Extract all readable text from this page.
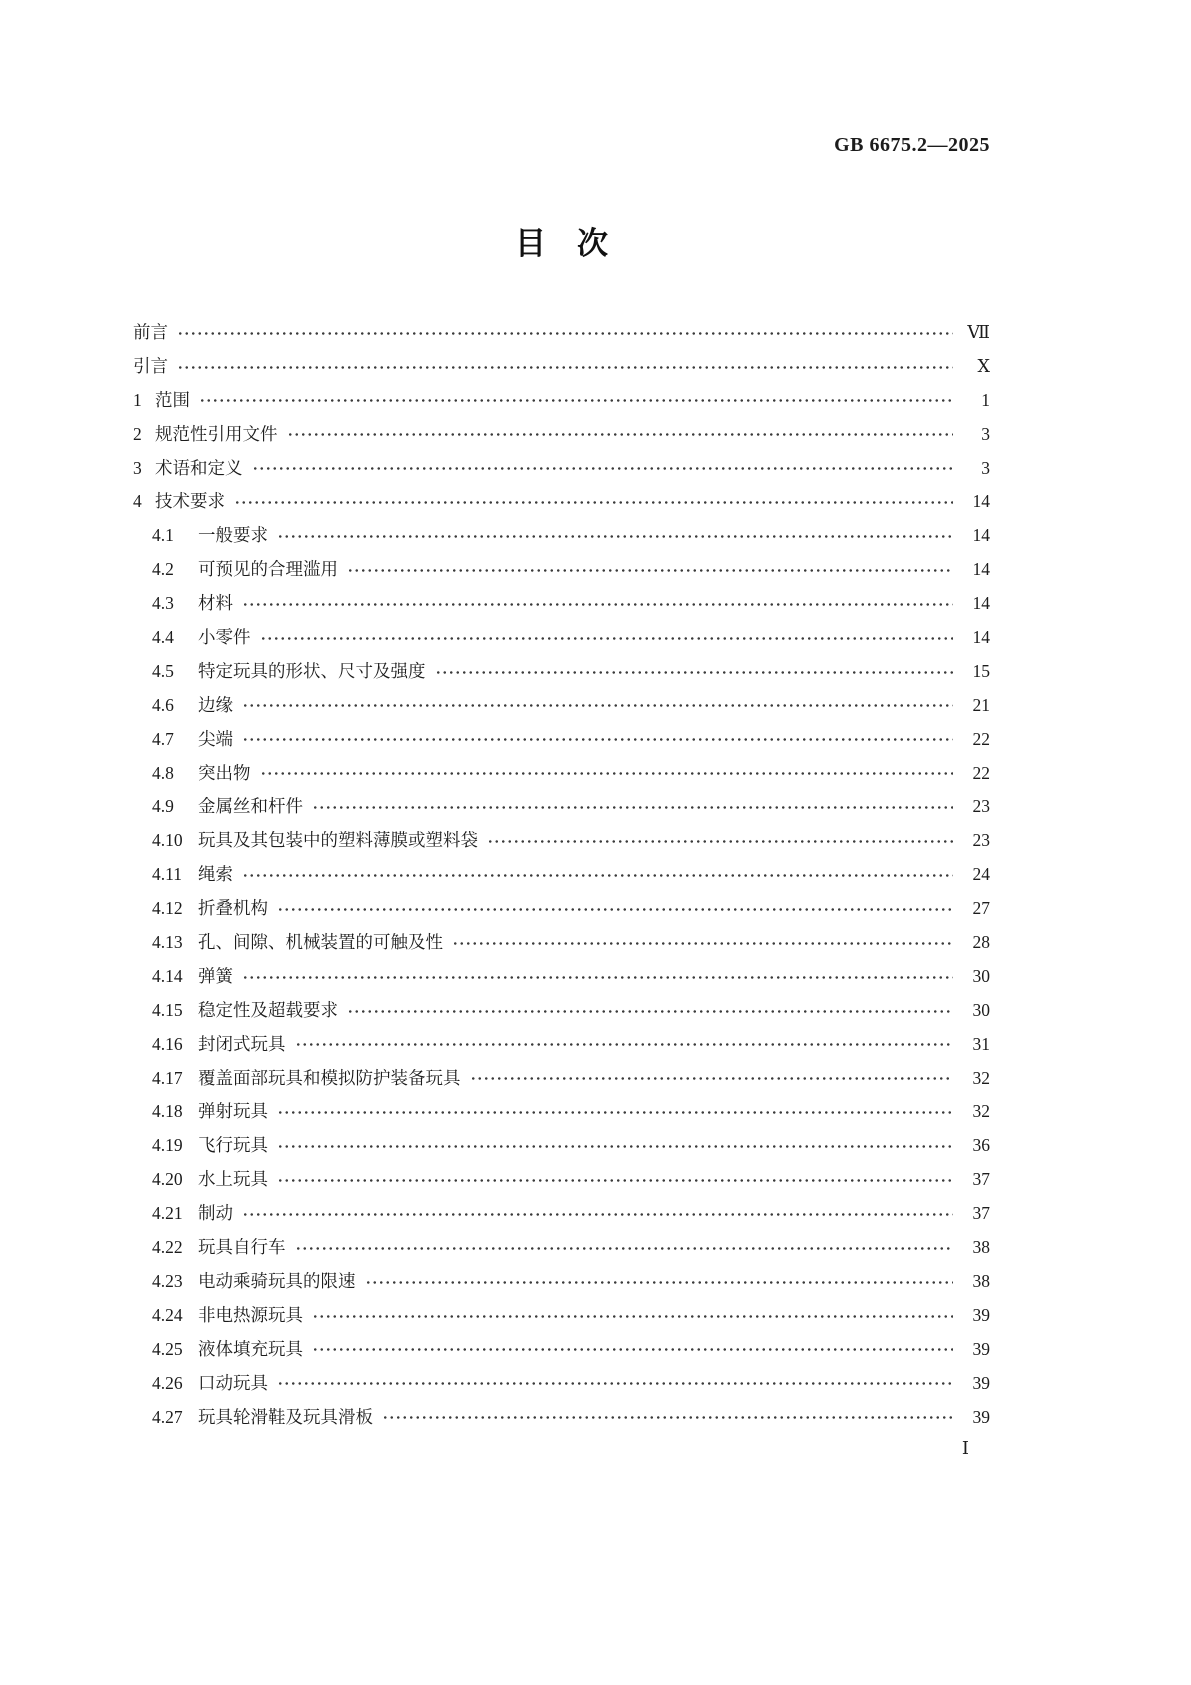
GB 6675.2—2025
目　次
前言	Ⅶ
引言	Ⅹ
1 范围	1
2 规范性引用文件	3
3 术语和定义	3
4 技术要求	14
4.1	一般要求	14
4.2	可预见的合理滥用	14
4.3	材料	14
4.4	小零件	14
4.5	特定玩具的形状、尺寸及强度	15
4.6	边缘	21
4.7	尖端	22
4.8	突出物	22
4.9	金属丝和杆件	23
4.10 玩具及其包装中的塑料薄膜或塑料袋	23
4.11 绳索	24
4.12 折叠机构	27
4.13 孔、间隙、机械装置的可触及性	28
4.14 弹簧	30
4.15 稳定性及超载要求	30
4.16 封闭式玩具	31
4.17 覆盖面部玩具和模拟防护装备玩具	32
4.18 弹射玩具	32
4.19 飞行玩具	36
4.20 水上玩具	37
4.21 制动	37
4.22 玩具自行车	38
4.23 电动乘骑玩具的限速	38
4.24 非电热源玩具	39
4.25 液体填充玩具	39
4.26 口动玩具	39
4.27 玩具轮滑鞋及玩具滑板	39
Ⅰ
